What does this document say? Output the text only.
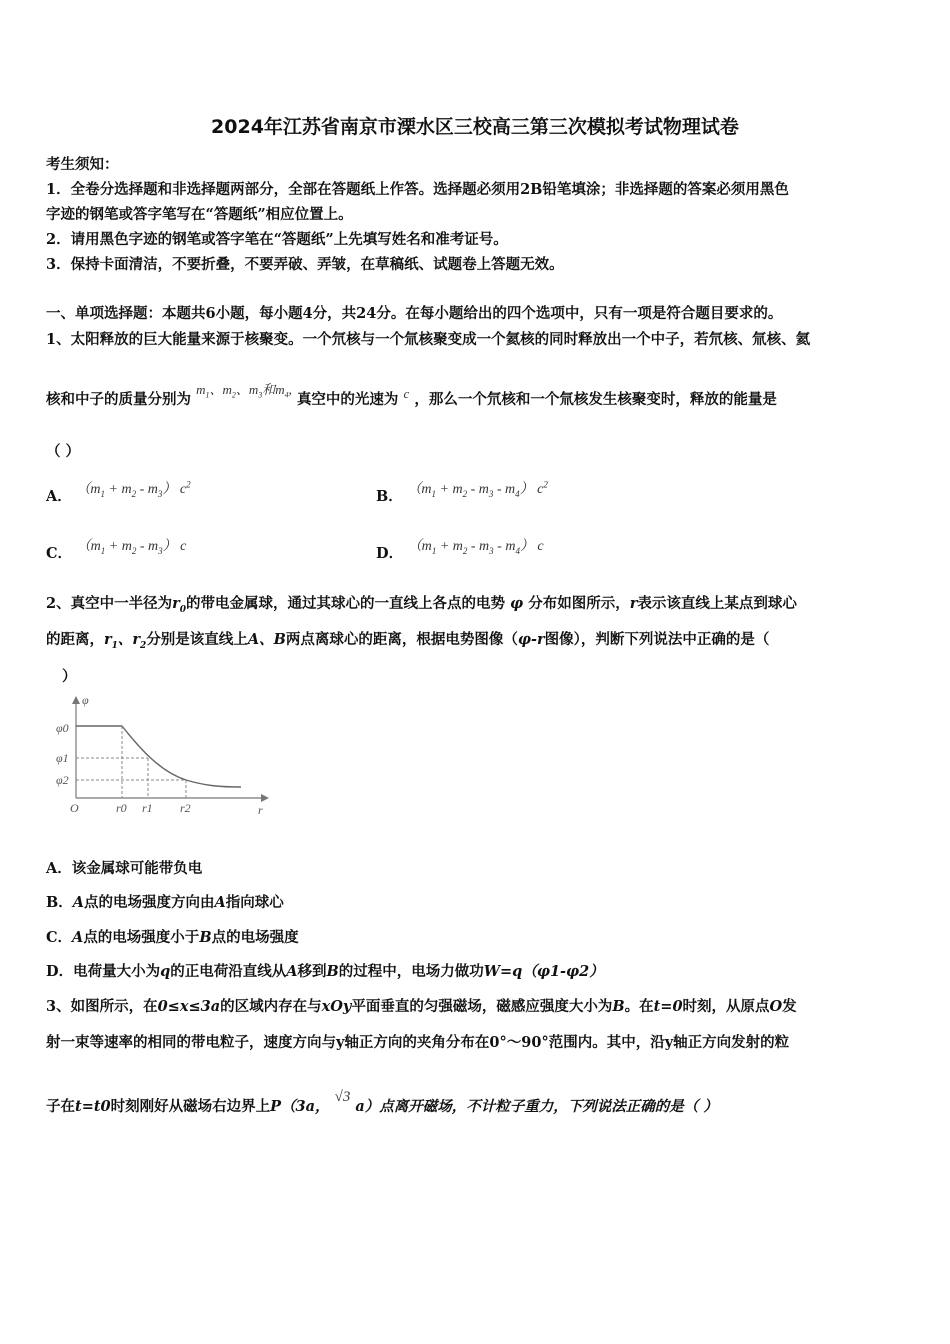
2024年江苏省南京市溧水区三校高三第三次模拟考试物理试卷
考生须知：
1．全卷分选择题和非选择题两部分，全部在答题纸上作答。选择题必须用2B铅笔填涂；非选择题的答案必须用黑色
字迹的钢笔或答字笔写在“答题纸”相应位置上。
2．请用黑色字迹的钢笔或答字笔在“答题纸”上先填写姓名和准考证号。
3．保持卡面清洁，不要折叠，不要弄破、弄皱，在草稿纸、试题卷上答题无效。
一、单项选择题：本题共6小题，每小题4分，共24分。在每小题给出的四个选项中，只有一项是符合题目要求的。
1、太阳释放的巨大能量来源于核聚变。一个氘核与一个氚核聚变成一个氦核的同时释放出一个中子，若氘核、氚核、氦
核和中子的质量分别为 $m_1$、$m_2$、$m_3$和$m_4$, 真空中的光速为 c ，那么一个氘核和一个氚核发生核聚变时，释放的能量是
（ ）
A． $(m_1 + m_2 - m_3)$ $c^2$
B． $(m_1 + m_2 - m_3 - m_4)$ $c^2$
C． $(m_1 + m_2 - m_3)$ c	D． $(m_1 + m_2 - m_3 - m_4)$ c
2、真空中一半径为$r_0$的带电金属球，通过其球心的一直线上各点的电势 φ 分布如图所示，r表示该直线上某点到球心
的距离，$r_1$、$r_2$分别是该直线上A、B两点离球心的距离，根据电势图像（φ-r图像），判断下列说法中正确的是（
）
φ
φ0
φ1
φ2
O	r0 r1 r2	r
A．该金属球可能带负电
B．A点的电场强度方向由A指向球心
C．A点的电场强度小于B点的电场强度
D．电荷量大小为q的正电荷沿直线从A移到B的过程中，电场力做功W=q（φ1-φ2）
3、如图所示，在0≤x≤3a的区域内存在与xOy平面垂直的匀强磁场，磁感应强度大小为B。在t=0时刻，从原点O发
射一束等速率的相同的带电粒子，速度方向与y轴正方向的夹角分布在0°～90°范围内。其中，沿y轴正方向发射的粒
子在t=t0时刻刚好从磁场右边界上P（3a， √3 a）点离开磁场，不计粒子重力，下列说法正确的是（ ）
